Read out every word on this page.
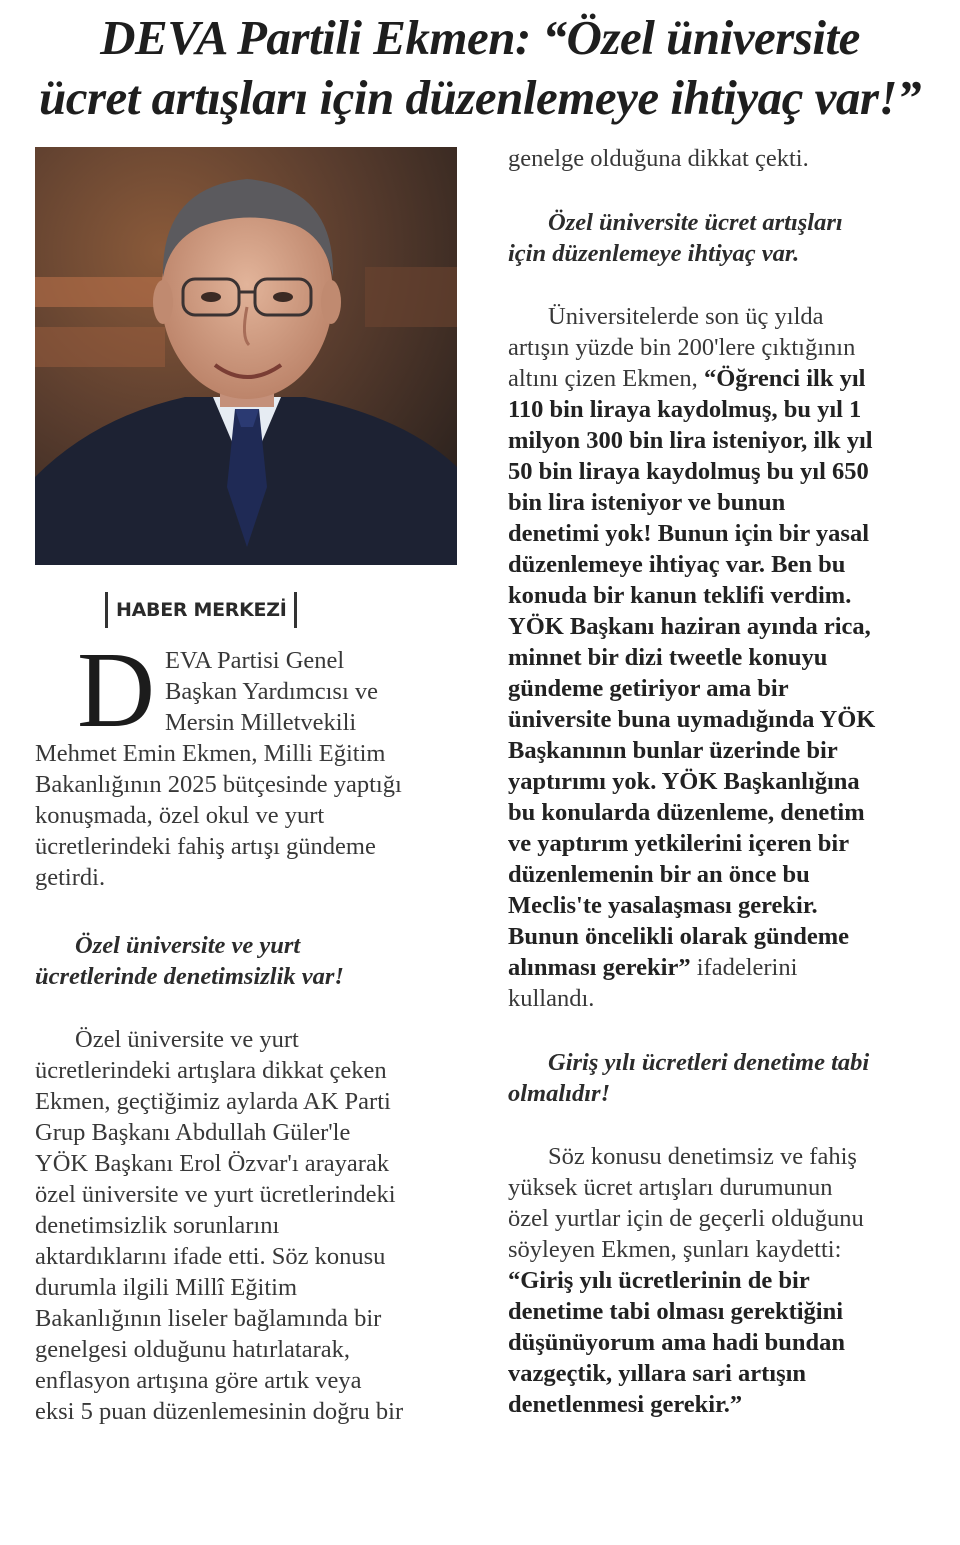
DEVA Partili Ekmen: “Özel üniversite
ücret artışları için düzenlemeye ihtiyaç var!”
HABER MERKEZİ
D EVA Partisi Genel
Başkan Yardımcısı ve
Mersin Milletvekili
Mehmet Emin Ekmen, Milli Eğitim
Bakanlığının 2025 bütçesinde yaptığı
konuşmada, özel okul ve yurt
ücretlerindeki fahiş artışı gündeme
getirdi.
Özel üniversite ve yurt
ücretlerinde denetimsizlik var!
Özel üniversite ve yurt
ücretlerindeki artışlara dikkat çeken
Ekmen, geçtiğimiz aylarda AK Parti
Grup Başkanı Abdullah Güler'le
YÖK Başkanı Erol Özvar'ı arayarak
özel üniversite ve yurt ücretlerindeki
denetimsizlik sorunlarını
aktardıklarını ifade etti. Söz konusu
durumla ilgili Millî Eğitim
Bakanlığının liseler bağlamında bir
genelgesi olduğunu hatırlatarak,
enflasyon artışına göre artık veya
eksi 5 puan düzenlemesinin doğru bir
genelge olduğuna dikkat çekti.
Özel üniversite ücret artışları
için düzenlemeye ihtiyaç var.
Üniversitelerde son üç yılda
artışın yüzde bin 200'lere çıktığının
altını çizen Ekmen, “Öğrenci ilk yıl
110 bin liraya kaydolmuş, bu yıl 1
milyon 300 bin lira isteniyor, ilk yıl
50 bin liraya kaydolmuş bu yıl 650
bin lira isteniyor ve bunun
denetimi yok! Bunun için bir yasal
düzenlemeye ihtiyaç var. Ben bu
konuda bir kanun teklifi verdim.
YÖK Başkanı haziran ayında rica,
minnet bir dizi tweetle konuyu
gündeme getiriyor ama bir
üniversite buna uymadığında YÖK
Başkanının bunlar üzerinde bir
yaptırımı yok. YÖK Başkanlığına
bu konularda düzenleme, denetim
ve yaptırım yetkilerini içeren bir
düzenlemenin bir an önce bu
Meclis'te yasalaşması gerekir.
Bunun öncelikli olarak gündeme
alınması gerekir” ifadelerini
kullandı.
Giriş yılı ücretleri denetime tabi
olmalıdır!
Söz konusu denetimsiz ve fahiş
yüksek ücret artışları durumunun
özel yurtlar için de geçerli olduğunu
söyleyen Ekmen, şunları kaydetti:
“Giriş yılı ücretlerinin de bir
denetime tabi olması gerektiğini
düşünüyorum ama hadi bundan
vazgeçtik, yıllara sari artışın
denetlenmesi gerekir.”
